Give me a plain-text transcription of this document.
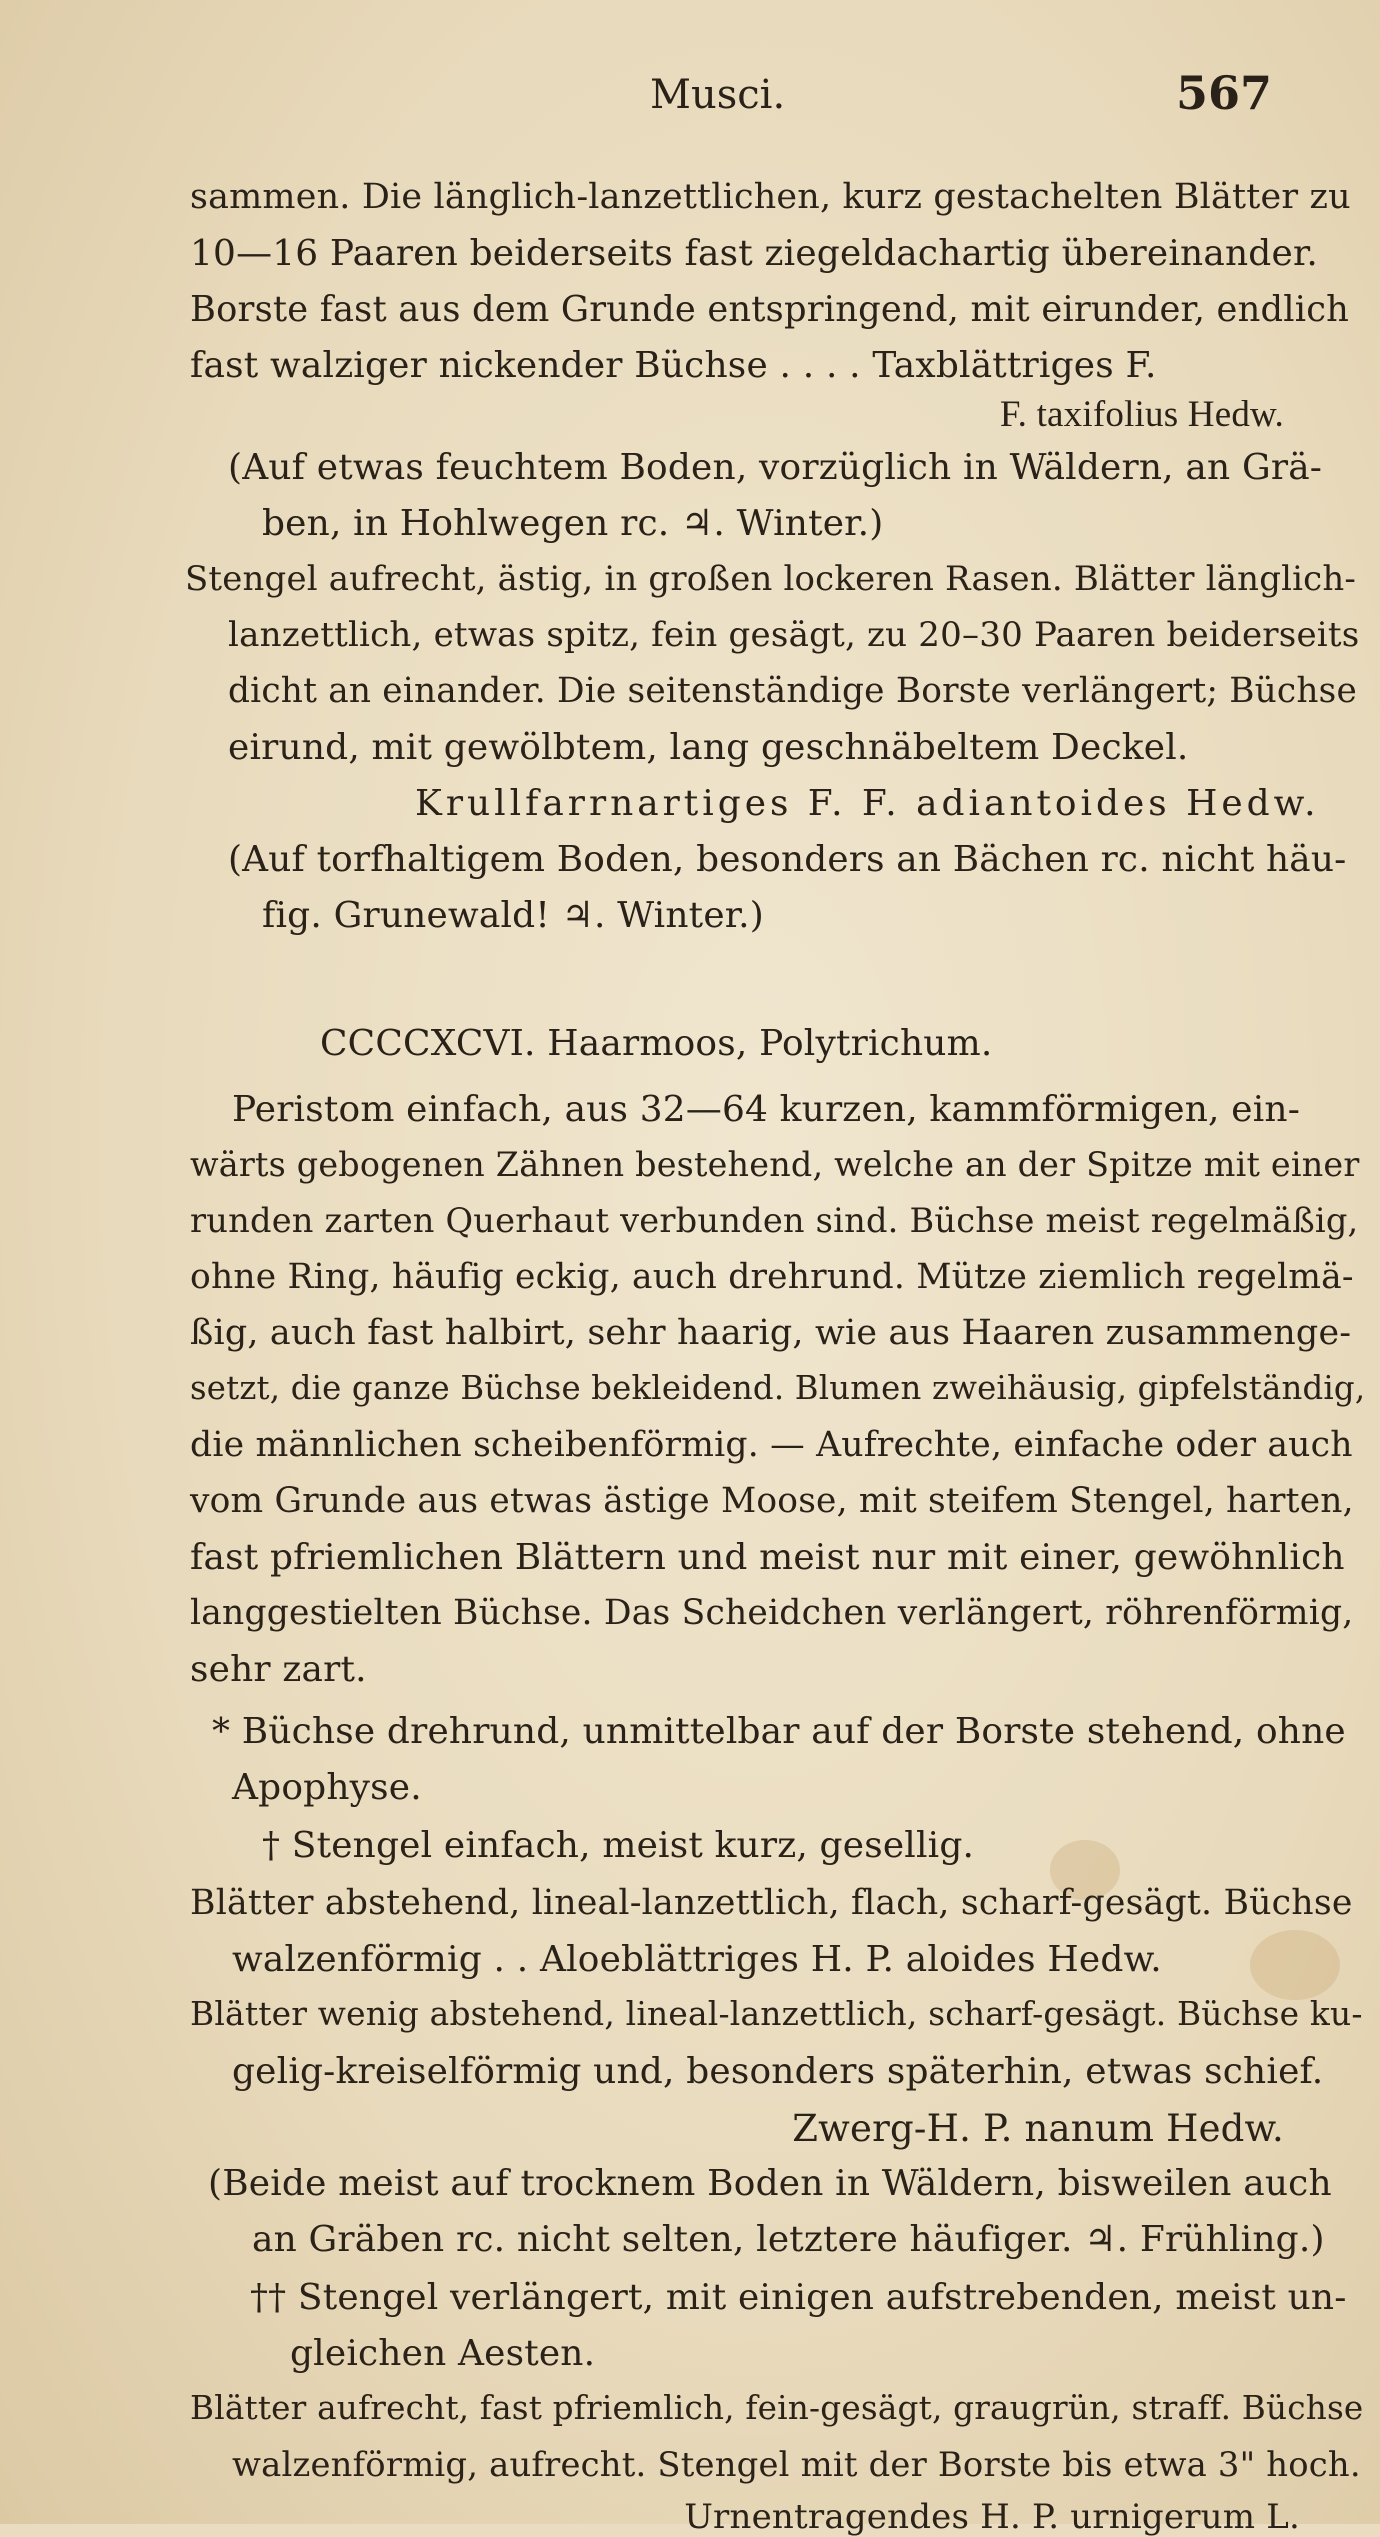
Musci.	567
sammen. Die länglich-lanzettlichen, kurz gestachelten Blätter zu
10—16 Paaren beiderseits fast ziegeldachartig übereinander.
Borste fast aus dem Grunde entspringend, mit eirunder, endlich
fast walziger nickender Büchse . . . . Taxblättriges F.
F. taxifolius Hedw.
(Auf etwas feuchtem Boden, vorzüglich in Wäldern, an Grä-
ben, in Hohlwegen rc. ♃. Winter.)
Stengel aufrecht, ästig, in großen lockeren Rasen. Blätter länglich-
lanzettlich, etwas spitz, fein gesägt, zu 20–30 Paaren beiderseits
dicht an einander. Die seitenständige Borste verlängert; Büchse
eirund, mit gewölbtem, lang geschnäbeltem Deckel.
Krullfarrnartiges F. F. adiantoides Hedw.
(Auf torfhaltigem Boden, besonders an Bächen rc. nicht häu-
fig. Grunewald! ♃. Winter.)
CCCCXCVI. Haarmoos, Polytrichum.
Peristom einfach, aus 32—64 kurzen, kammförmigen, ein-
wärts gebogenen Zähnen bestehend, welche an der Spitze mit einer
runden zarten Querhaut verbunden sind. Büchse meist regelmäßig,
ohne Ring, häufig eckig, auch drehrund. Mütze ziemlich regelmä-
ßig, auch fast halbirt, sehr haarig, wie aus Haaren zusammenge-
setzt, die ganze Büchse bekleidend. Blumen zweihäusig, gipfelständig,
die männlichen scheibenförmig. — Aufrechte, einfache oder auch
vom Grunde aus etwas ästige Moose, mit steifem Stengel, harten,
fast pfriemlichen Blättern und meist nur mit einer, gewöhnlich
langgestielten Büchse. Das Scheidchen verlängert, röhrenförmig,
sehr zart.
* Büchse drehrund, unmittelbar auf der Borste stehend, ohne
Apophyse.
† Stengel einfach, meist kurz, gesellig.
Blätter abstehend, lineal-lanzettlich, flach, scharf-gesägt. Büchse
walzenförmig . . Aloeblättriges H. P. aloides Hedw.
Blätter wenig abstehend, lineal-lanzettlich, scharf-gesägt. Büchse ku-
gelig-kreiselförmig und, besonders späterhin, etwas schief.
Zwerg-H. P. nanum Hedw.
(Beide meist auf trocknem Boden in Wäldern, bisweilen auch
an Gräben rc. nicht selten, letztere häufiger. ♃. Frühling.)
†† Stengel verlängert, mit einigen aufstrebenden, meist un-
gleichen Aesten.
Blätter aufrecht, fast pfriemlich, fein-gesägt, graugrün, straff. Büchse
walzenförmig, aufrecht. Stengel mit der Borste bis etwa 3" hoch.
Urnentragendes H. P. urnigerum L.
